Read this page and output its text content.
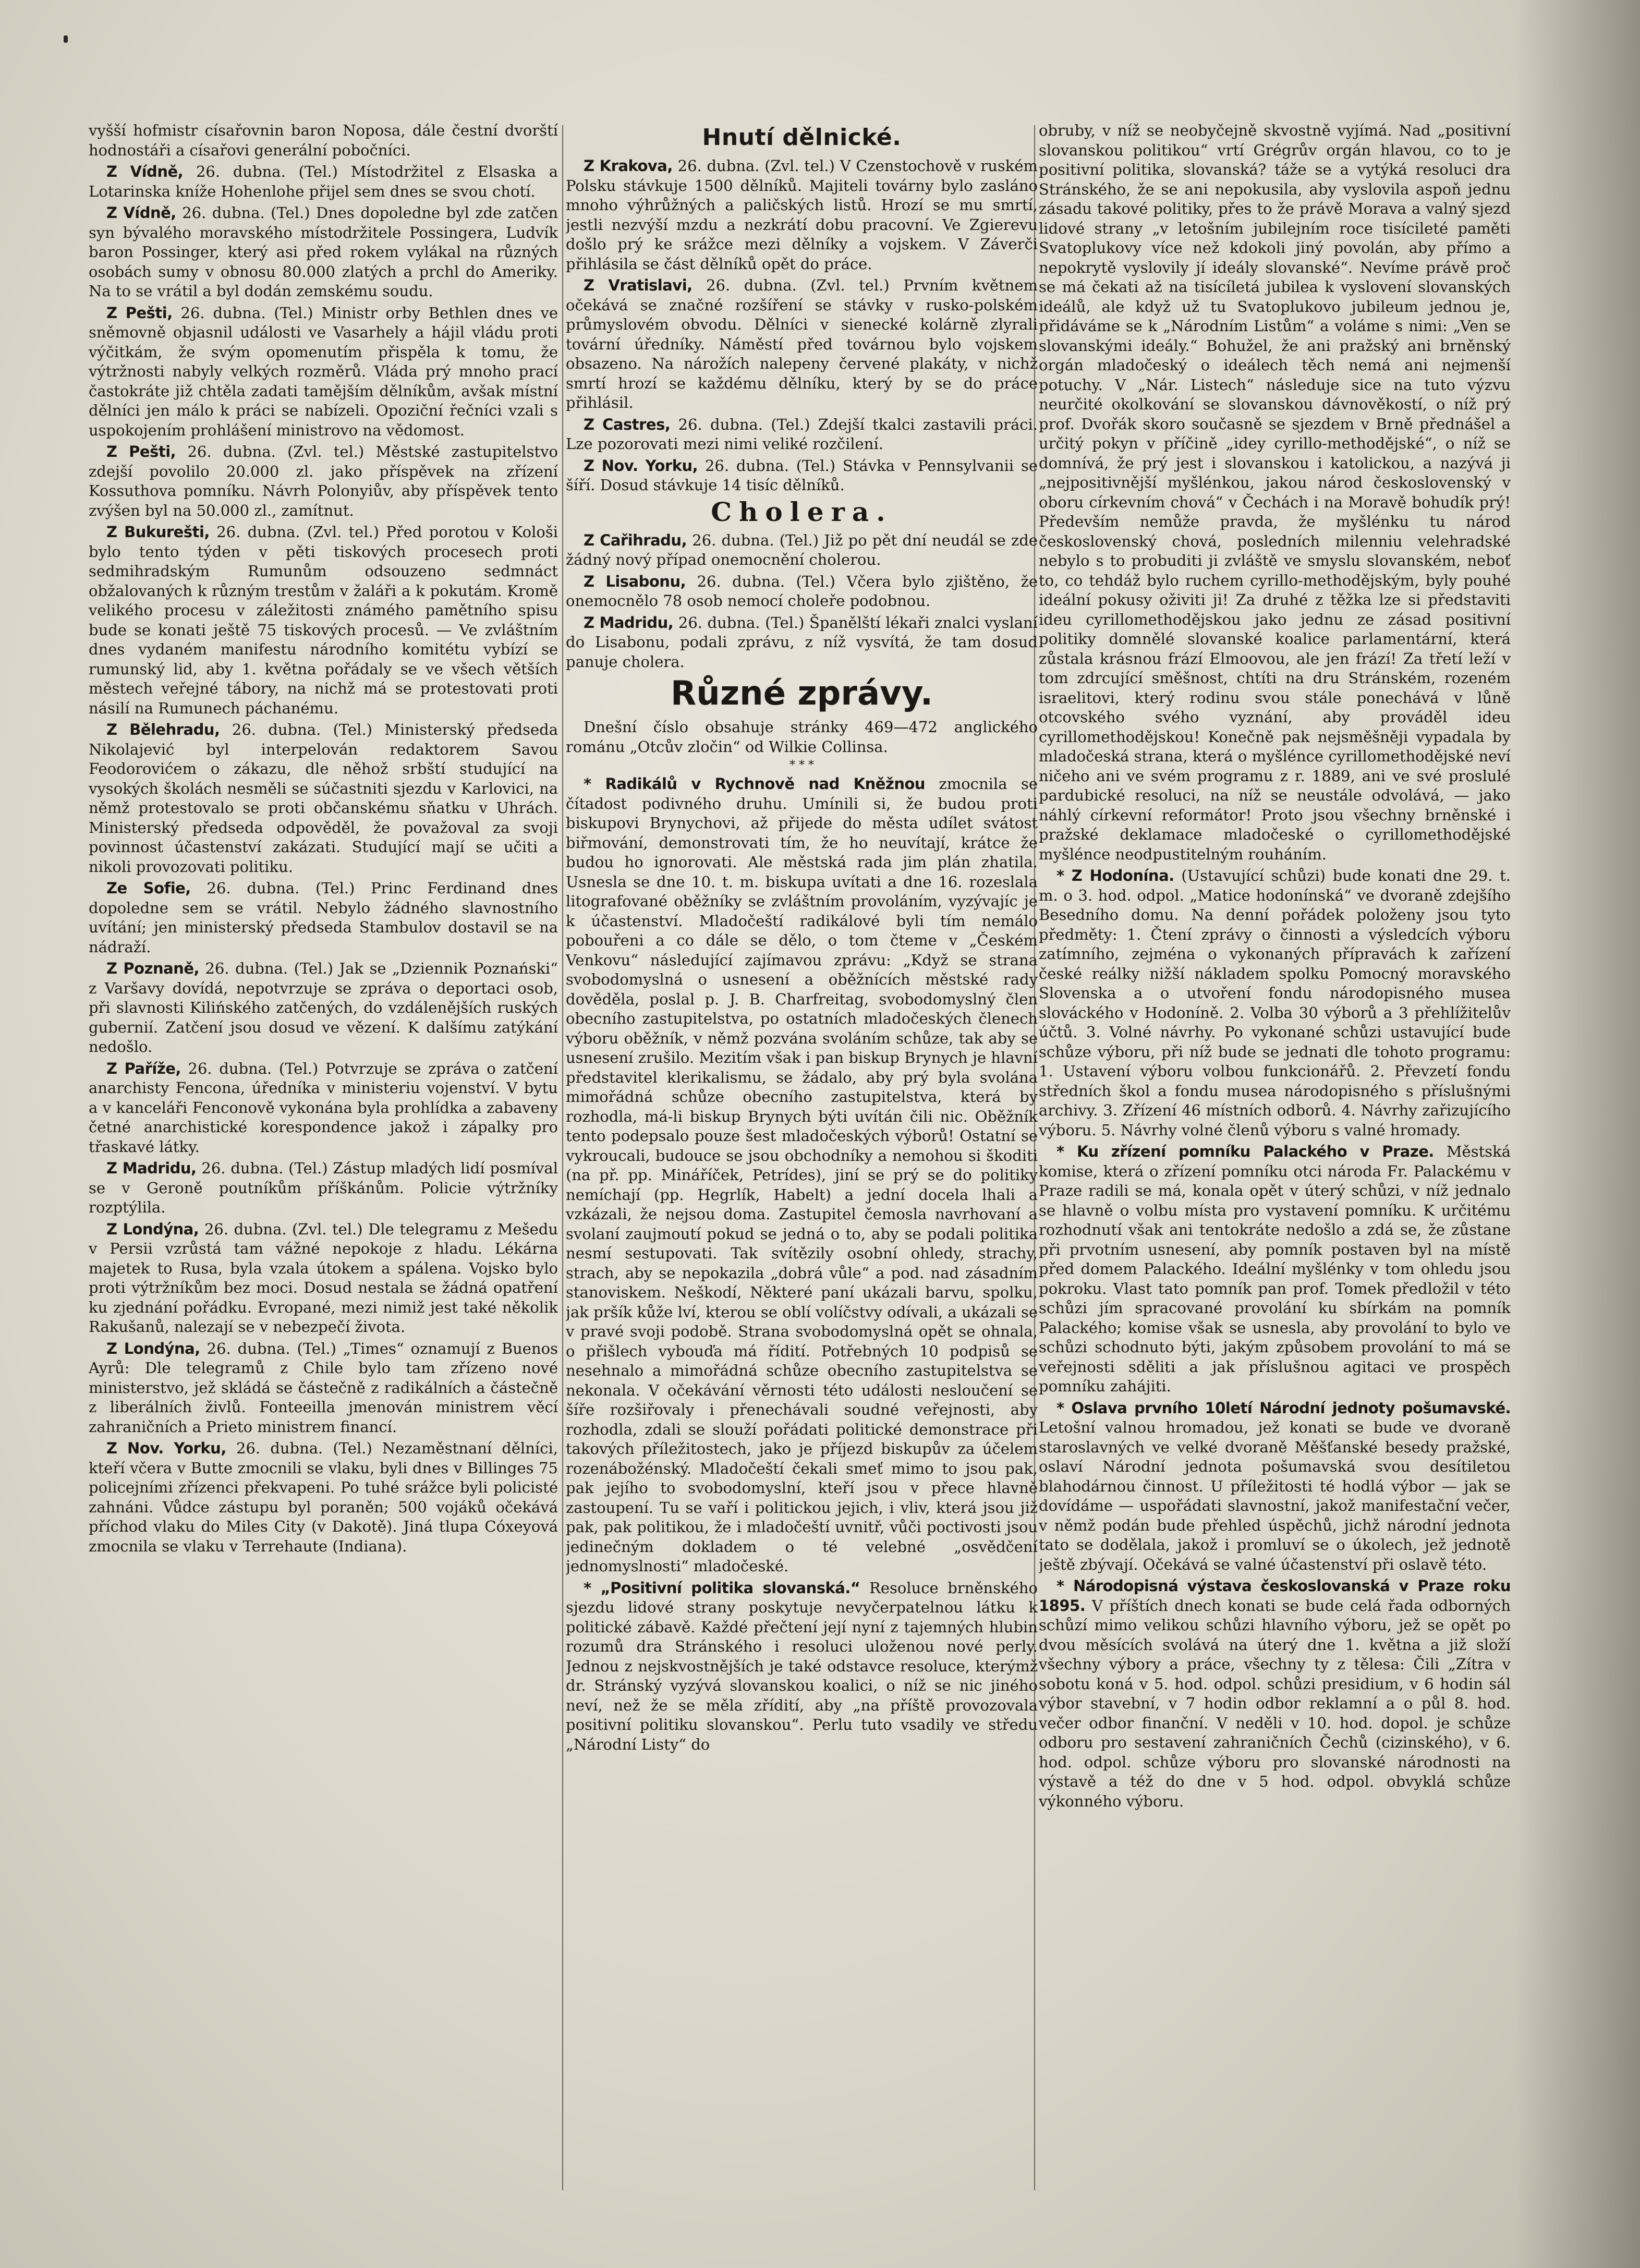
vyšší hofmistr císařovnin baron Noposa, dále čestní dvorští hodnostáři a císařovi generální pobočníci.

Z Vídně, 26. dubna. (Tel.) Místodržitel z Elsaska a Lotarinska kníže Hohenlohe přijel sem dnes se svou chotí.

Z Vídně, 26. dubna. (Tel.) Dnes dopoledne byl zde zatčen syn bývalého moravského místodržitele Possingera, Ludvík baron Possinger, který asi před rokem vylákal na různých osobách sumy v obnosu 80.000 zlatých a prchl do Ameriky. Na to se vrátil a byl dodán zemskému soudu.

Z Pešti, 26. dubna. (Tel.) Ministr orby Bethlen dnes ve sněmovně objasnil události ve Vasarhely a hájil vládu proti výčitkám, že svým opomenutím přispěla k tomu, že výtržnosti nabyly velkých rozměrů. Vláda prý mnoho prací častokráte již chtěla zadati tamějším dělníkům, avšak místní dělníci jen málo k práci se nabízeli. Opoziční řečníci vzali s uspokojením prohlášení ministrovo na vědomost.

Z Pešti, 26. dubna. (Zvl. tel.) Městské zastupitelstvo zdejší povolilo 20.000 zl. jako příspěvek na zřízení Kossuthova pomníku. Návrh Polonyiův, aby příspěvek tento zvýšen byl na 50.000 zl., zamítnut.

Z Bukurešti, 26. dubna. (Zvl. tel.) Před porotou v Kološi bylo tento týden v pěti tiskových procesech proti sedmihradským Rumunům odsouzeno sedmnáct obžalovaných k různým trestům v žaláři a k pokutám. Kromě velikého procesu v záležitosti známého pamětního spisu bude se konati ještě 75 tiskových procesů. — Ve zvláštním dnes vydaném manifestu národního komitétu vybízí se rumunský lid, aby 1. května pořádaly se ve všech větších městech veřejné tábory, na nichž má se protestovati proti násilí na Rumunech páchanému.

Z Bělehradu, 26. dubna. (Tel.) Ministerský předseda Nikolajević byl interpelován redaktorem Savou Feodorovićem o zákazu, dle něhož srbští studující na vysokých školách nesměli se súčastniti sjezdu v Karlovici, na němž protestovalo se proti občanskému sňatku v Uhrách. Ministerský předseda odpověděl, že považoval za svoji povinnost účastenství zakázati. Studující mají se učiti a nikoli provozovati politiku.

Ze Sofie, 26. dubna. (Tel.) Princ Ferdinand dnes dopoledne sem se vrátil. Nebylo žádného slavnostního uvítání; jen ministerský předseda Stambulov dostavil se na nádraží.

Z Poznaně, 26. dubna. (Tel.) Jak se „Dziennik Poznański“ z Varšavy dovídá, nepotvrzuje se zpráva o deportaci osob, při slavnosti Kilińského zatčených, do vzdálenějších ruských gubernií. Zatčení jsou dosud ve vězení. K dalšímu zatýkání nedošlo.

Z Paříže, 26. dubna. (Tel.) Potvrzuje se zpráva o zatčení anarchisty Fencona, úředníka v ministeriu vojenství. V bytu a v kanceláři Fenconově vykonána byla prohlídka a zabaveny četné anarchistické korespondence jakož i zápalky pro třaskavé látky.

Z Madridu, 26. dubna. (Tel.) Zástup mladých lidí posmíval se v Geroně poutníkům příškánům. Policie výtržníky rozptýlila.

Z Londýna, 26. dubna. (Zvl. tel.) Dle telegramu z Mešedu v Persii vzrůstá tam vážné nepokoje z hladu. Lékárna majetek to Rusa, byla vzala útokem a spálena. Vojsko bylo proti výtržníkům bez moci. Dosud nestala se žádná opatření ku zjednání pořádku. Evropané, mezi nimiž jest také několik Rakušanů, nalezají se v nebezpečí života.

Z Londýna, 26. dubna. (Tel.) „Times“ oznamují z Buenos Ayrů: Dle telegramů z Chile bylo tam zřízeno nové ministerstvo, jež skládá se částečně z radikálních a částečně z liberálních živlů. Fonteeilla jmenován ministrem věcí zahraničních a Prieto ministrem financí.

Z Nov. Yorku, 26. dubna. (Tel.) Nezaměstnaní dělníci, kteří včera v Butte zmocnili se vlaku, byli dnes v Billinges 75 policejními zřízenci překvapeni. Po tuhé srážce byli policisté zahnáni. Vůdce zástupu byl poraněn; 500 vojáků očekává příchod vlaku do Miles City (v Dakotě). Jiná tlupa Cóxeyová zmocnila se vlaku v Terrehaute (Indiana).

Hnutí dělnické.

Z Krakova, 26. dubna. (Zvl. tel.) V Czenstochově v ruském Polsku stávkuje 1500 dělníků. Majiteli továrny bylo zasláno mnoho výhrůžných a paličských listů. Hrozí se mu smrtí, jestli nezvýší mzdu a nezkrátí dobu pracovní. Ve Zgierevu došlo prý ke srážce mezi dělníky a vojskem. V Záverči přihlásila se část dělníků opět do práce.

Z Vratislavi, 26. dubna. (Zvl. tel.) Prvním květnem očekává se značné rozšíření se stávky v rusko-polském průmyslovém obvodu. Dělníci v sienecké kolárně zlyrali tovární úředníky. Náměstí před továrnou bylo vojskem obsazeno. Na nárožích nalepeny červené plakáty, v nichž smrtí hrozí se každému dělníku, který by se do práce přihlásil.

Z Castres, 26. dubna. (Tel.) Zdejší tkalci zastavili práci. Lze pozorovati mezi nimi veliké rozčilení.

Z Nov. Yorku, 26. dubna. (Tel.) Stávka v Pennsylvanii se šíří. Dosud stávkuje 14 tisíc dělníků.

Cholera.

Z Cařihradu, 26. dubna. (Tel.) Již po pět dní neudál se zde žádný nový případ onemocnění cholerou.

Z Lisabonu, 26. dubna. (Tel.) Včera bylo zjištěno, že onemocnělo 78 osob nemocí choleře podobnou.

Z Madridu, 26. dubna. (Tel.) Španělští lékaři znalci vyslaní do Lisabonu, podali zprávu, z níž vysvítá, že tam dosud panuje cholera.

Různé zprávy.

Dnešní číslo obsahuje stránky 469—472 anglického románu „Otcův zločin“ od Wilkie Collinsa.

* * *

* Radikálů v Rychnově nad Kněžnou zmocnila se čítadost podivného druhu. Umínili si, že budou proti biskupovi Brynychovi, až přijede do města udílet svátost biřmování, demonstrovati tím, že ho neuvítají, krátce že budou ho ignorovati. Ale městská rada jim plán zhatila. Usnesla se dne 10. t. m. biskupa uvítati a dne 16. rozeslala litografované oběžníky se zvláštním provoláním, vyzývajíc je k účastenství. Mladočeští radikálové byli tím nemálo pobouřeni a co dále se dělo, o tom čteme v „Českém Venkovu“ následující zajímavou zprávu: „Když se strana svobodomyslná o usnesení a oběžnících městské rady dověděla, poslal p. J. B. Charfreitag, svobodomyslný člen obecního zastupitelstva, po ostatních mladočeských členech výboru oběžník, v němž pozvána svoláním schůze, tak aby se usnesení zrušilo. Mezitím však i pan biskup Brynych je hlavní představitel klerikalismu, se žádalo, aby prý byla svolána mimořádná schůze obecního zastupitelstva, která by rozhodla, má-li biskup Brynych býti uvítán čili nic. Oběžník tento podepsalo pouze šest mladočeských výborů! Ostatní se vykroucali, budouce se jsou obchodníky a nemohou si škoditi (na př. pp. Mináříček, Petrídes), jiní se prý se do politiky nemíchají (pp. Hegrlík, Habelt) a jední docela lhali a vzkázali, že nejsou doma. Zastupitel čemosla navrhovaní a svolaní zaujmoutí pokud se jedná o to, aby se podali politika nesmí sestupovati. Tak svítězily osobní ohledy, strachy, strach, aby se nepokazila „dobrá vůle“ a pod. nad zásadním stanoviskem. Neškodí, Některé paní ukázali barvu, spolku, jak pršík kůže lví, kterou se oblí volíčstvy odívali, a ukázali se v pravé svoji podobě. Strana svobodomyslná opět se ohnala, o přišlech vybouďa má řídití. Potřebných 10 podpisů se nesehnalo a mimořádná schůze obecního zastupitelstva se nekonala. V očekávání věrnosti této události nesloučení se šíře rozšiřovaly i přenechávali soudné veřejnosti, aby rozhodla, zdali se slouží pořádati politické demonstrace při takových příležitostech, jako je příjezd biskupův za účelem rozenábožénský. Mladočeští čekali smeť mimo to jsou pak, pak jejího to svobodomyslní, kteří jsou v přece hlavně zastoupení. Tu se vaří i politickou jejich, i vliv, která jsou již pak, pak politikou, že i mladočeští uvnitř, vůči poctivosti jsou jedinečným dokladem o té velebné „osvědčení jednomyslnosti“ mladočeské.

* „Positivní politika slovanská.“ Resoluce brněnského sjezdu lidové strany poskytuje nevyčerpatelnou látku k politické zábavě. Každé přečtení její nyní z tajemných hlubin rozumů dra Stránského i resoluci uloženou nové perly. Jednou z nejskvostnějších je také odstavce resoluce, kterýmž dr. Stránský vyzývá slovanskou koalici, o níž se nic jiného neví, než že se měla zřídití, aby „na příště provozovala positivní politiku slovanskou“. Perlu tuto vsadily ve středu „Národní Listy“ do

obruby, v níž se neobyčejně skvostně vyjímá. Nad „positivní slovanskou politikou“ vrtí Grégrův orgán hlavou, co to je positivní politika, slovanská? táže se a vytýká resoluci dra Stránského, že se ani nepokusila, aby vyslovila aspoň jednu zásadu takové politiky, přes to že právě Morava a valný sjezd lidové strany „v letošním jubilejním roce tisícileté paměti Svatoplukovy více než kdokoli jiný povolán, aby přímo a nepokrytě vyslovily jí ideály slovanské“. Nevíme právě proč se má čekati až na tisícíletá jubilea k vyslovení slovanských ideálů, ale když už tu Svatoplukovo jubileum jednou je, přidáváme se k „Národním Listům“ a voláme s nimi: „Ven se slovanskými ideály.“ Bohužel, že ani pražský ani brněnský orgán mladočeský o ideálech těch nemá ani nejmenší potuchy. V „Nár. Listech“ následuje sice na tuto výzvu neurčité okolkování se slovanskou dávnověkostí, o níž prý prof. Dvořák skoro současně se sjezdem v Brně přednášel a určitý pokyn v příčině „idey cyrillo-methodějské“, o níž se domnívá, že prý jest i slovanskou i katolickou, a nazývá ji „nejpositivnější myšlénkou, jakou národ československý v oboru církevním chová“ v Čechách i na Moravě bohudík prý! Především nemůže pravda, že myšlénku tu národ československý chová, posledních milenniu velehradské nebylo s to probuditi ji zvláště ve smyslu slovanském, neboť to, co tehdáž bylo ruchem cyrillo-methodějským, byly pouhé ideální pokusy oživiti ji! Za druhé z těžka lze si představiti ideu cyrillomethodějskou jako jednu ze zásad positivní politiky domnělé slovanské koalice parlamentární, která zůstala krásnou frází Elmoovou, ale jen frází! Za třetí leží v tom zdrcující směšnost, chtíti na dru Stránském, rozeném israelitovi, který rodinu svou stále ponechává v lůně otcovského svého vyznání, aby prováděl ideu cyrillomethodějskou! Konečně pak nejsměšněji vypadala by mladočeská strana, která o myšlénce cyrillomethodějské neví ničeho ani ve svém programu z r. 1889, ani ve své proslulé pardubické resoluci, na níž se neustále odvolává, — jako náhlý církevní reformátor! Proto jsou všechny brněnské i pražské deklamace mladočeské o cyrillomethodějské myšlénce neodpustitelným rouháním.

* Z Hodonína. (Ustavující schůzi) bude konati dne 29. t. m. o 3. hod. odpol. „Matice hodonínská“ ve dvoraně zdejšího Besedního domu. Na denní pořádek položeny jsou tyto předměty: 1. Čtení zprávy o činnosti a výsledcích výboru zatímního, zejména o vykonaných přípravách k zařízení české reálky nižší nákladem spolku Pomocný moravského Slovenska a o utvoření fondu národopisného musea slováckého v Hodoníně. 2. Volba 30 výborů a 3 přehlížitelův účtů. 3. Volné návrhy. Po vykonané schůzi ustavující bude schůze výboru, při níž bude se jednati dle tohoto programu: 1. Ustavení výboru volbou funkcionářů. 2. Převzetí fondu středních škol a fondu musea národopisného s příslušnými archivy. 3. Zřízení 46 místních odborů. 4. Návrhy zařizujícího výboru. 5. Návrhy volné členů výboru s valné hromady.

* Ku zřízení pomníku Palackého v Praze. Městská komise, která o zřízení pomníku otci národa Fr. Palackému v Praze radili se má, konala opět v úterý schůzi, v níž jednalo se hlavně o volbu místa pro vystavení pomníku. K určitému rozhodnutí však ani tentokráte nedošlo a zdá se, že zůstane při prvotním usnesení, aby pomník postaven byl na místě před domem Palackého. Ideální myšlénky v tom ohledu jsou pokroku. Vlast tato pomník pan prof. Tomek předložil v této schůzi jím spracované provolání ku sbírkám na pomník Palackého; komise však se usnesla, aby provolání to bylo ve schůzi schodnuto býti, jakým způsobem provolání to má se veřejnosti sděliti a jak příslušnou agitaci ve prospěch pomníku zahájiti.

* Oslava prvního 10letí Národní jednoty pošumavské. Letošní valnou hromadou, jež konati se bude ve dvoraně staroslavných ve velké dvoraně Měšťanské besedy pražské, oslaví Národní jednota pošumavská svou desítiletou blahodárnou činnost. U příležitosti té hodlá výbor — jak se dovídáme — uspořádati slavnostní, jakož manifestační večer, v němž podán bude přehled úspěchů, jichž národní jednota tato se dodělala, jakož i promluví se o úkolech, jež jednotě ještě zbývají. Očekává se valné účastenství při oslavě této.

* Národopisná výstava českoslovanská v Praze roku 1895. V příštích dnech konati se bude celá řada odborných schůzí mimo velikou schůzi hlavního výboru, jež se opět po dvou měsících svolává na úterý dne 1. května a již složí všechny výbory a práce, všechny ty z tělesa: Čili „Zítra v sobotu koná v 5. hod. odpol. schůzi presidium, v 6 hodin sál výbor stavební, v 7 hodin odbor reklamní a o půl 8. hod. večer odbor finanční. V neděli v 10. hod. dopol. je schůze odboru pro sestavení zahraničních Čechů (cizinského), v 6. hod. odpol. schůze výboru pro slovanské národnosti na výstavě a též do dne v 5 hod. odpol. obvyklá schůze výkonného výboru.
